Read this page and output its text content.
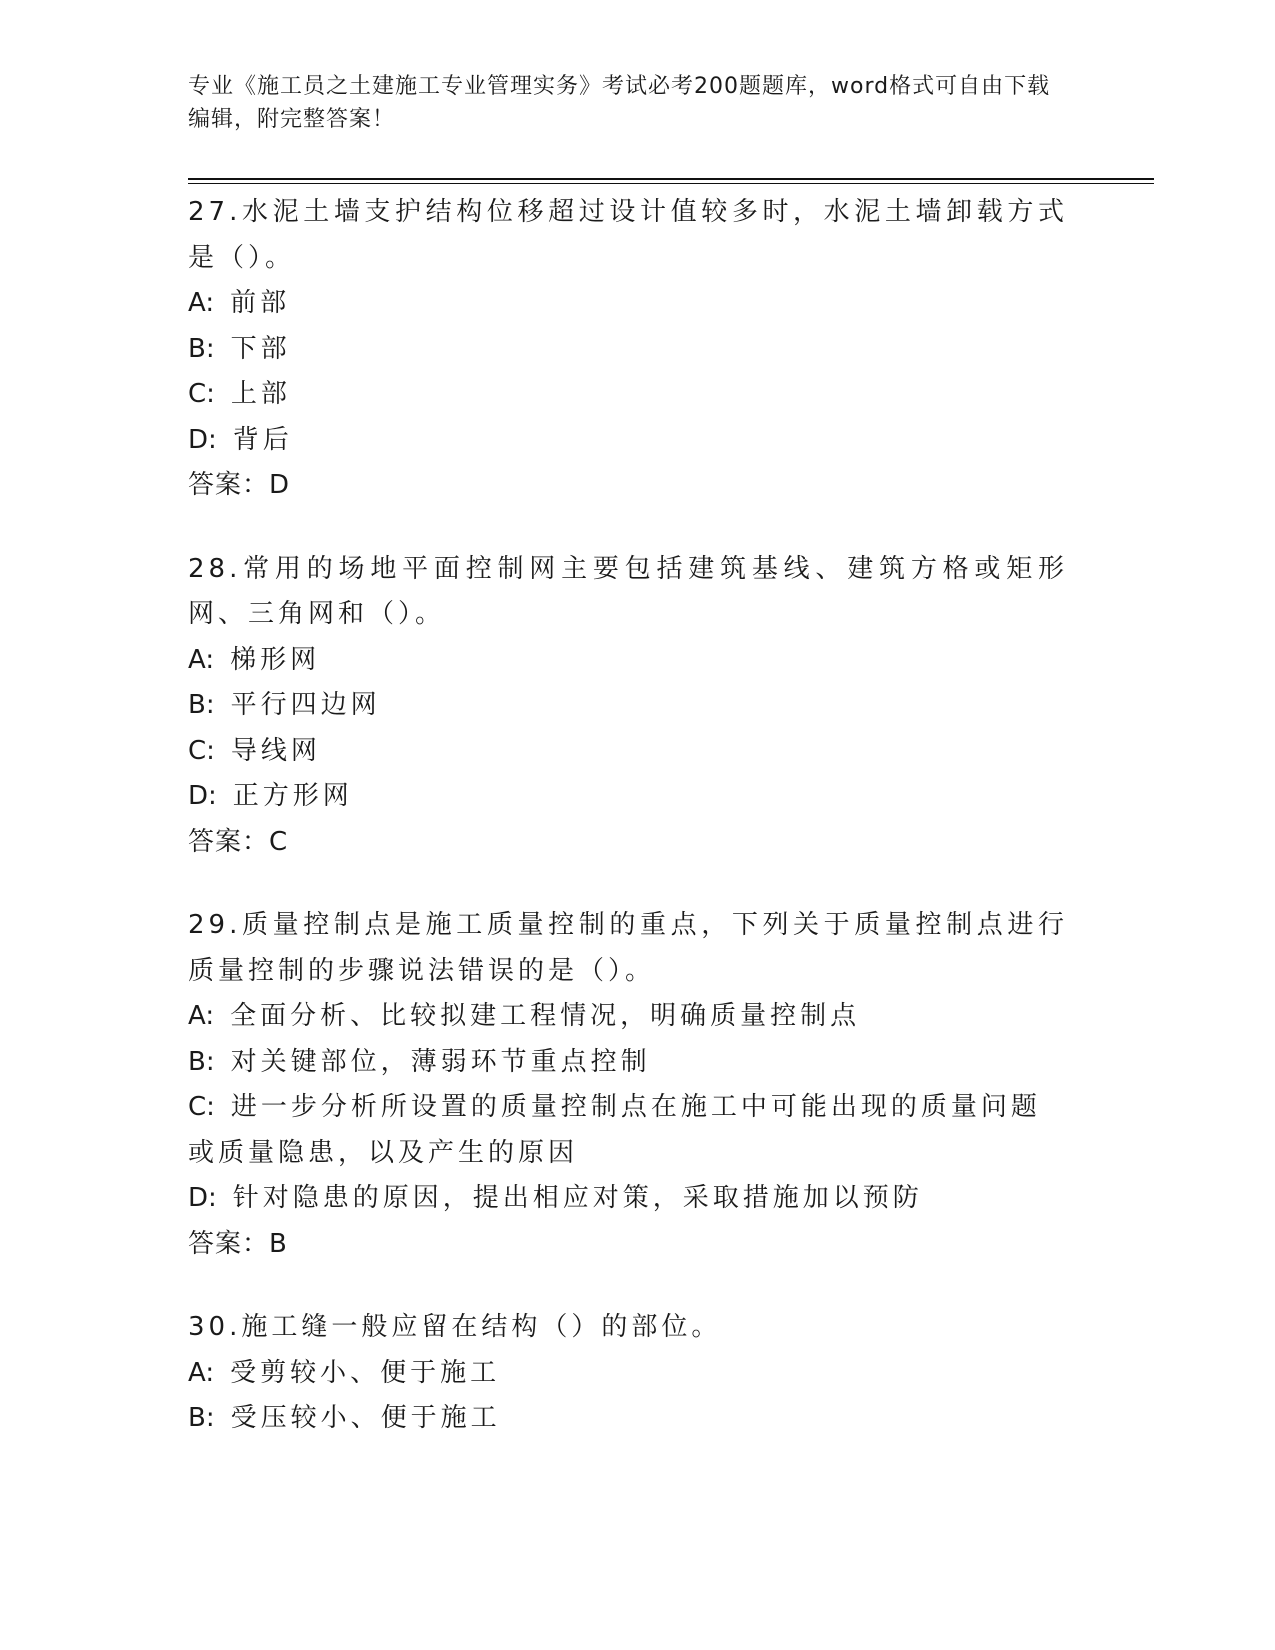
专业《施工员之土建施工专业管理实务》考试必考200题题库，word格式可自由下载编辑，附完整答案！
27.水泥土墙支护结构位移超过设计值较多时，水泥土墙卸载方式是（）。
A: 前部
B: 下部
C: 上部
D: 背后
答案：D
28.常用的场地平面控制网主要包括建筑基线、建筑方格或矩形网、三角网和（）。
A: 梯形网
B: 平行四边网
C: 导线网
D: 正方形网
答案：C
29.质量控制点是施工质量控制的重点，下列关于质量控制点进行质量控制的步骤说法错误的是（）。
A: 全面分析、比较拟建工程情况，明确质量控制点
B: 对关键部位，薄弱环节重点控制
C: 进一步分析所设置的质量控制点在施工中可能出现的质量问题或质量隐患，以及产生的原因
D: 针对隐患的原因，提出相应对策，采取措施加以预防
答案：B
30.施工缝一般应留在结构（）的部位。
A: 受剪较小、便于施工
B: 受压较小、便于施工
